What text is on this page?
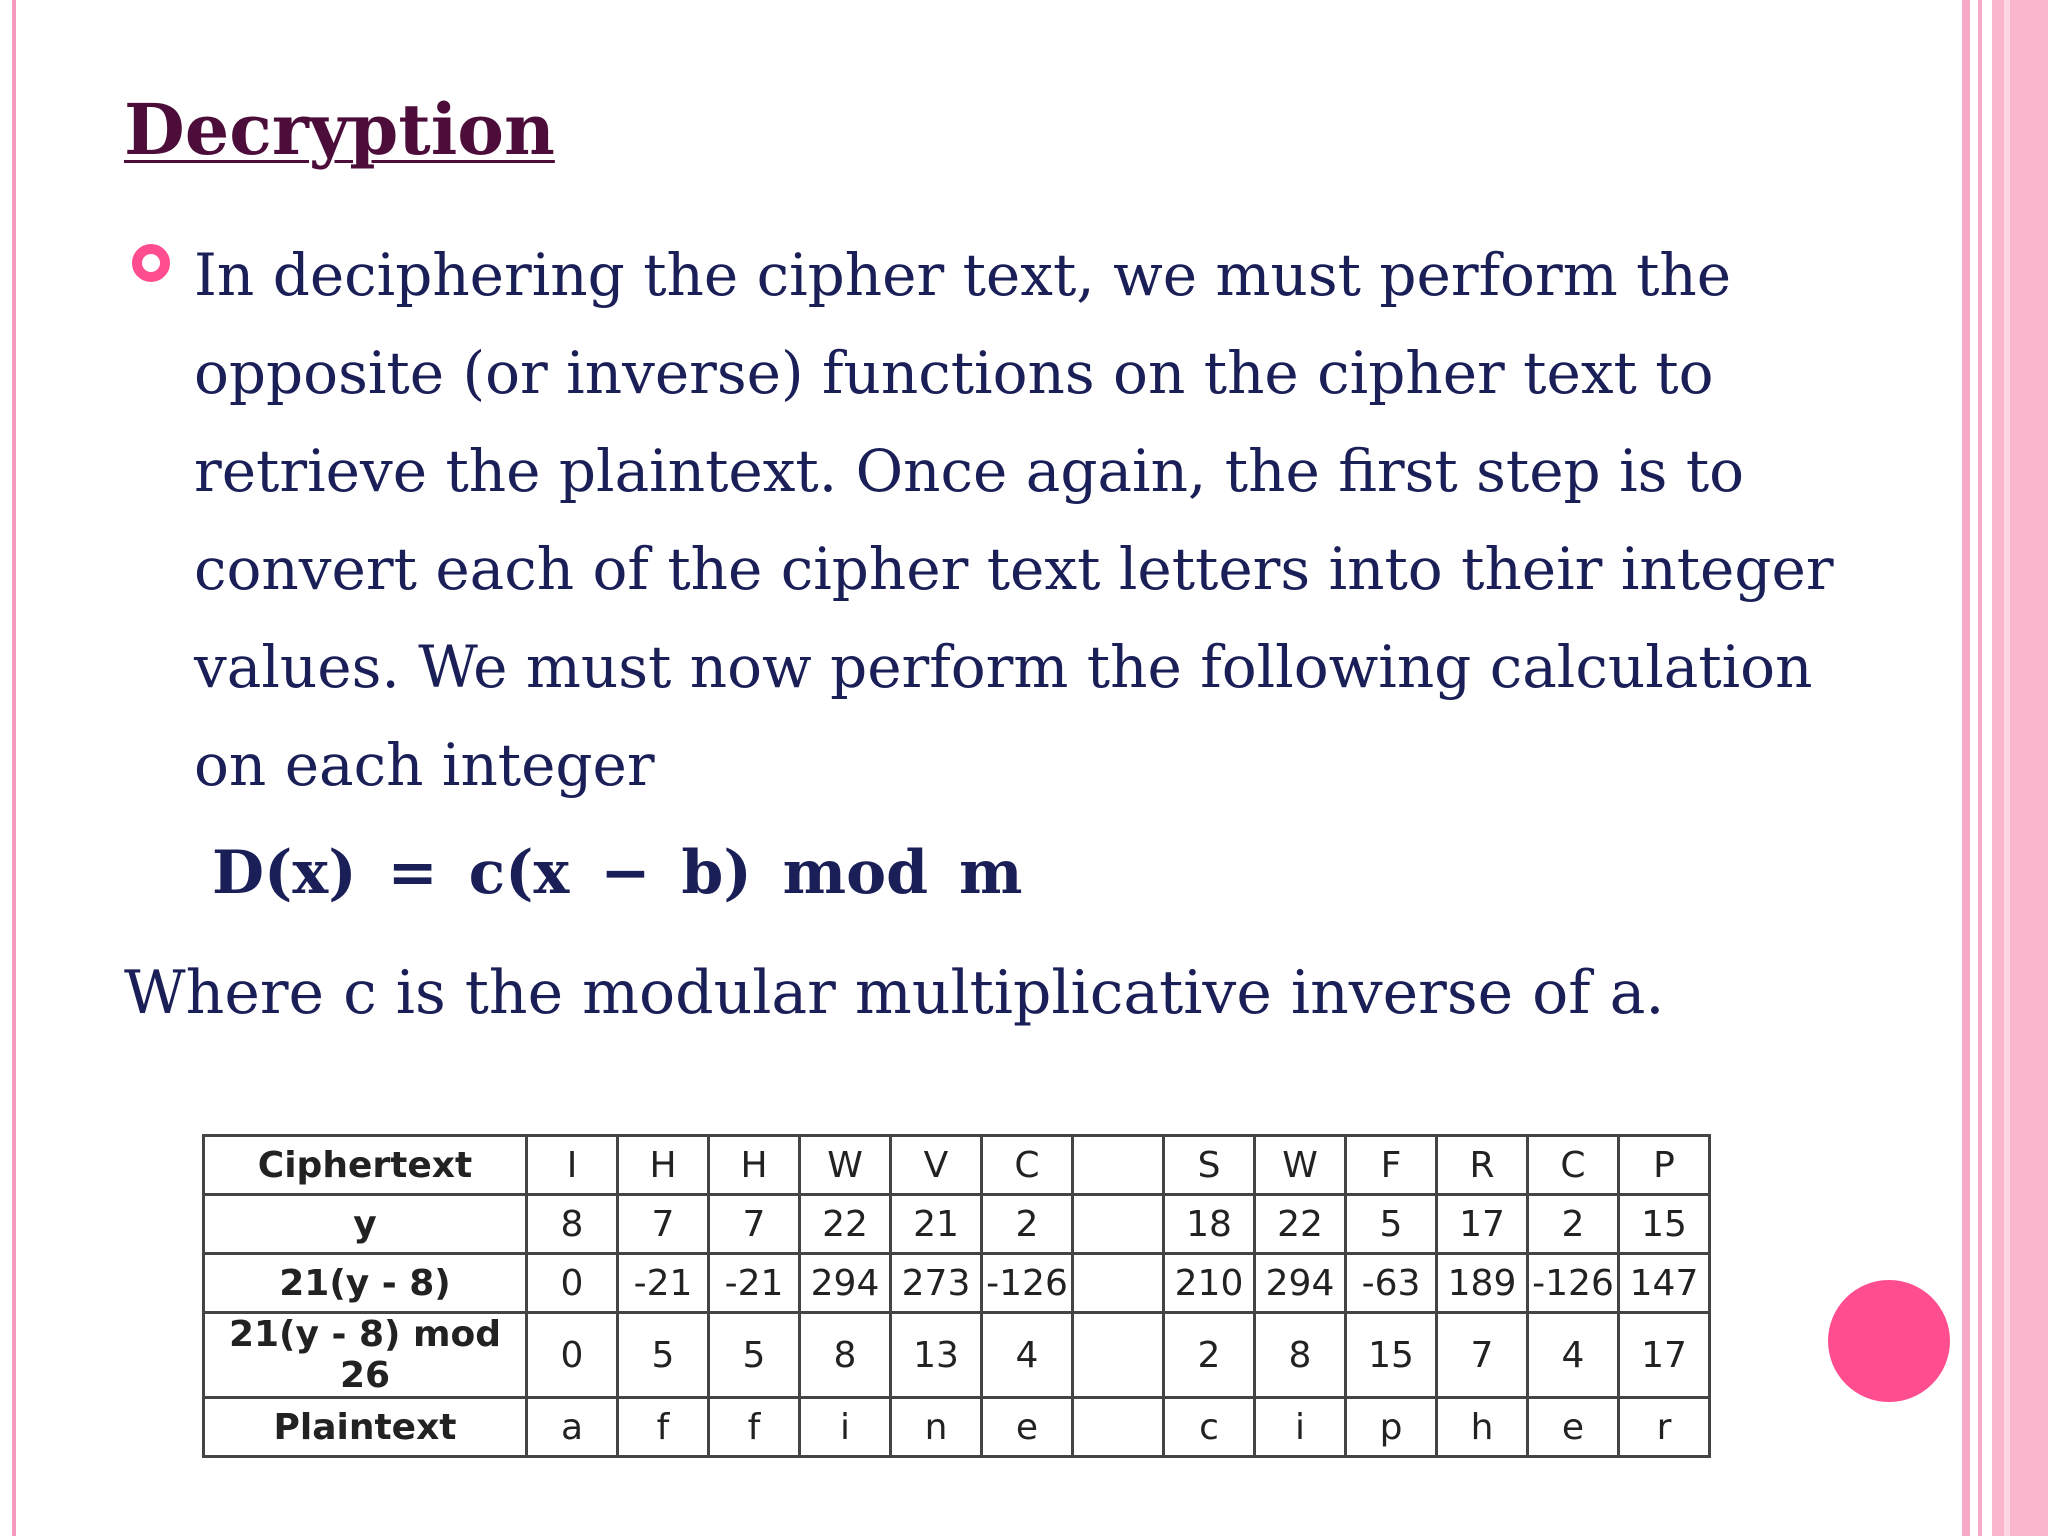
Decryption

In deciphering the cipher text, we must perform the
opposite (or inverse) functions on the cipher text to
retrieve the plaintext. Once again, the first step is to
convert each of the cipher text letters into their integer
values. We must now perform the following calculation
on each integer

D(x) = c(x − b) mod m
Where c is the modular multiplicative inverse of a.
Ciphertext	I	H	H	W	V	C		S	W	F	R	C	P
y	8	7	7	22	21	2		18	22	5	17	2	15
21(y - 8)	0	-21	-21	294	273	-126		210	294	-63	189	-126	147
21(y - 8) mod 26	0	5	5	8	13	4		2	8	15	7	4	17
Plaintext	a	f	f	i	n	e		c	i	p	h	e	r
